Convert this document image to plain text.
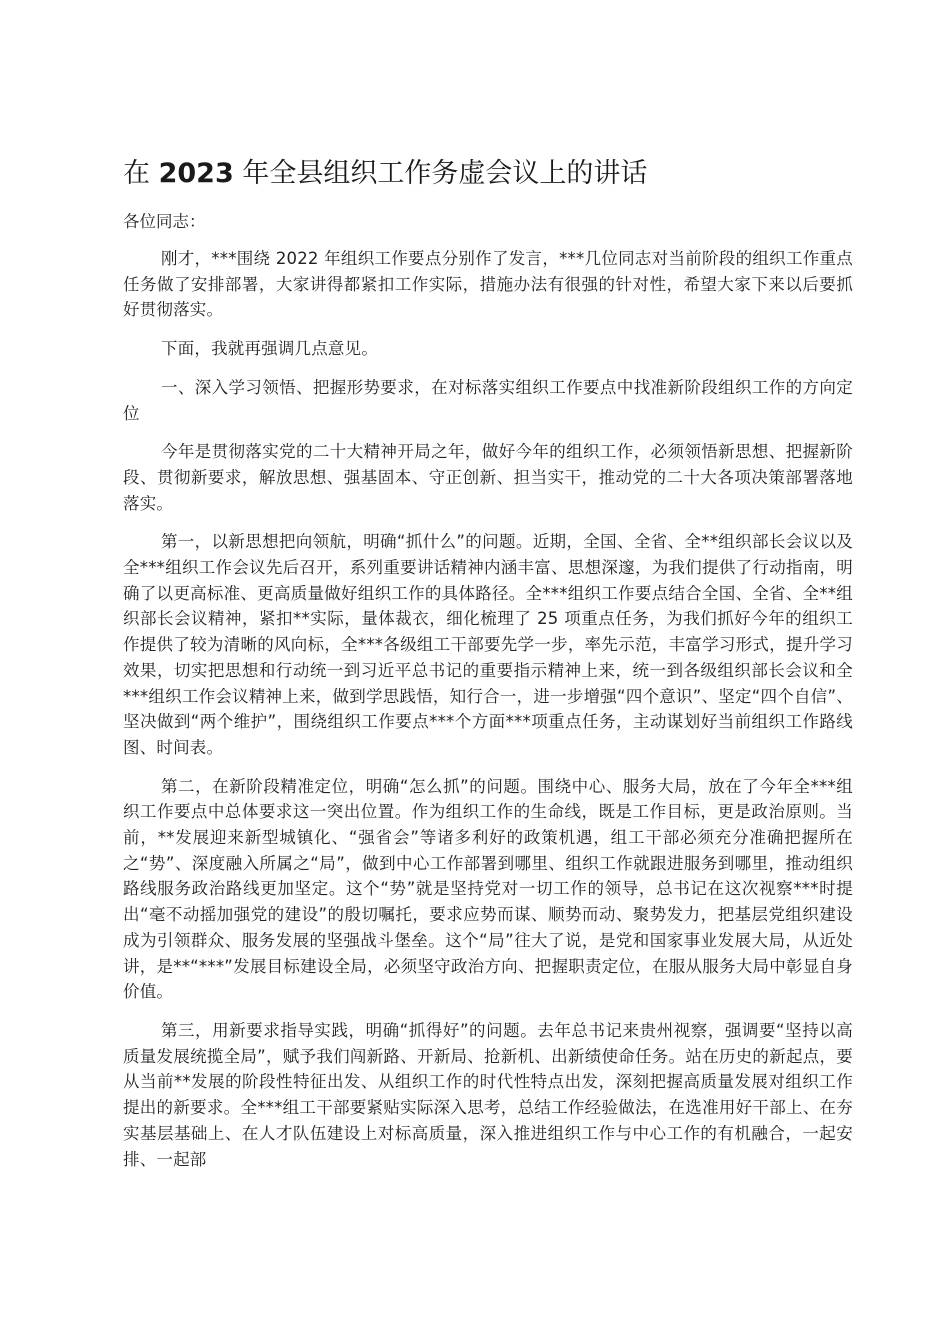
在 2023 年全县组织工作务虚会议上的讲话

各位同志：

刚才，***围绕 2022 年组织工作要点分别作了发言，***几位同志对当前阶段的组织工作重点任务做了安排部署，大家讲得都紧扣工作实际，措施办法有很强的针对性，希望大家下来以后要抓好贯彻落实。

下面，我就再强调几点意见。

一、深入学习领悟、把握形势要求，在对标落实组织工作要点中找准新阶段组织工作的方向定位

今年是贯彻落实党的二十大精神开局之年，做好今年的组织工作，必须领悟新思想、把握新阶段、贯彻新要求，解放思想、强基固本、守正创新、担当实干，推动党的二十大各项决策部署落地落实。

第一，以新思想把向领航，明确“抓什么”的问题。近期，全国、全省、全**组织部长会议以及全***组织工作会议先后召开，系列重要讲话精神内涵丰富、思想深邃，为我们提供了行动指南，明确了以更高标准、更高质量做好组织工作的具体路径。全***组织工作要点结合全国、全省、全**组织部长会议精神，紧扣**实际，量体裁衣，细化梳理了 25 项重点任务，为我们抓好今年的组织工作提供了较为清晰的风向标，全***各级组工干部要先学一步，率先示范，丰富学习形式，提升学习效果，切实把思想和行动统一到习近平总书记的重要指示精神上来，统一到各级组织部长会议和全***组织工作会议精神上来，做到学思践悟，知行合一，进一步增强“四个意识”、坚定“四个自信”、坚决做到“两个维护”，围绕组织工作要点***个方面***项重点任务，主动谋划好当前组织工作路线图、时间表。

第二，在新阶段精准定位，明确“怎么抓”的问题。围绕中心、服务大局，放在了今年全***组织工作要点中总体要求这一突出位置。作为组织工作的生命线，既是工作目标，更是政治原则。当前，**发展迎来新型城镇化、“强省会”等诸多利好的政策机遇，组工干部必须充分准确把握所在之“势”、深度融入所属之“局”，做到中心工作部署到哪里、组织工作就跟进服务到哪里，推动组织路线服务政治路线更加坚定。这个“势”就是坚持党对一切工作的领导，总书记在这次视察***时提出“毫不动摇加强党的建设”的殷切嘱托，要求应势而谋、顺势而动、聚势发力，把基层党组织建设成为引领群众、服务发展的坚强战斗堡垒。这个“局”往大了说，是党和国家事业发展大局，从近处讲，是**“***”发展目标建设全局，必须坚守政治方向、把握职责定位，在服从服务大局中彰显自身价值。

第三，用新要求指导实践，明确“抓得好”的问题。去年总书记来贵州视察，强调要“坚持以高质量发展统揽全局”，赋予我们闯新路、开新局、抢新机、出新绩使命任务。站在历史的新起点，要从当前**发展的阶段性特征出发、从组织工作的时代性特点出发，深刻把握高质量发展对组织工作提出的新要求。全***组工干部要紧贴实际深入思考，总结工作经验做法，在选准用好干部上、在夯实基层基础上、在人才队伍建设上对标高质量，深入推进组织工作与中心工作的有机融合，一起安排、一起部
